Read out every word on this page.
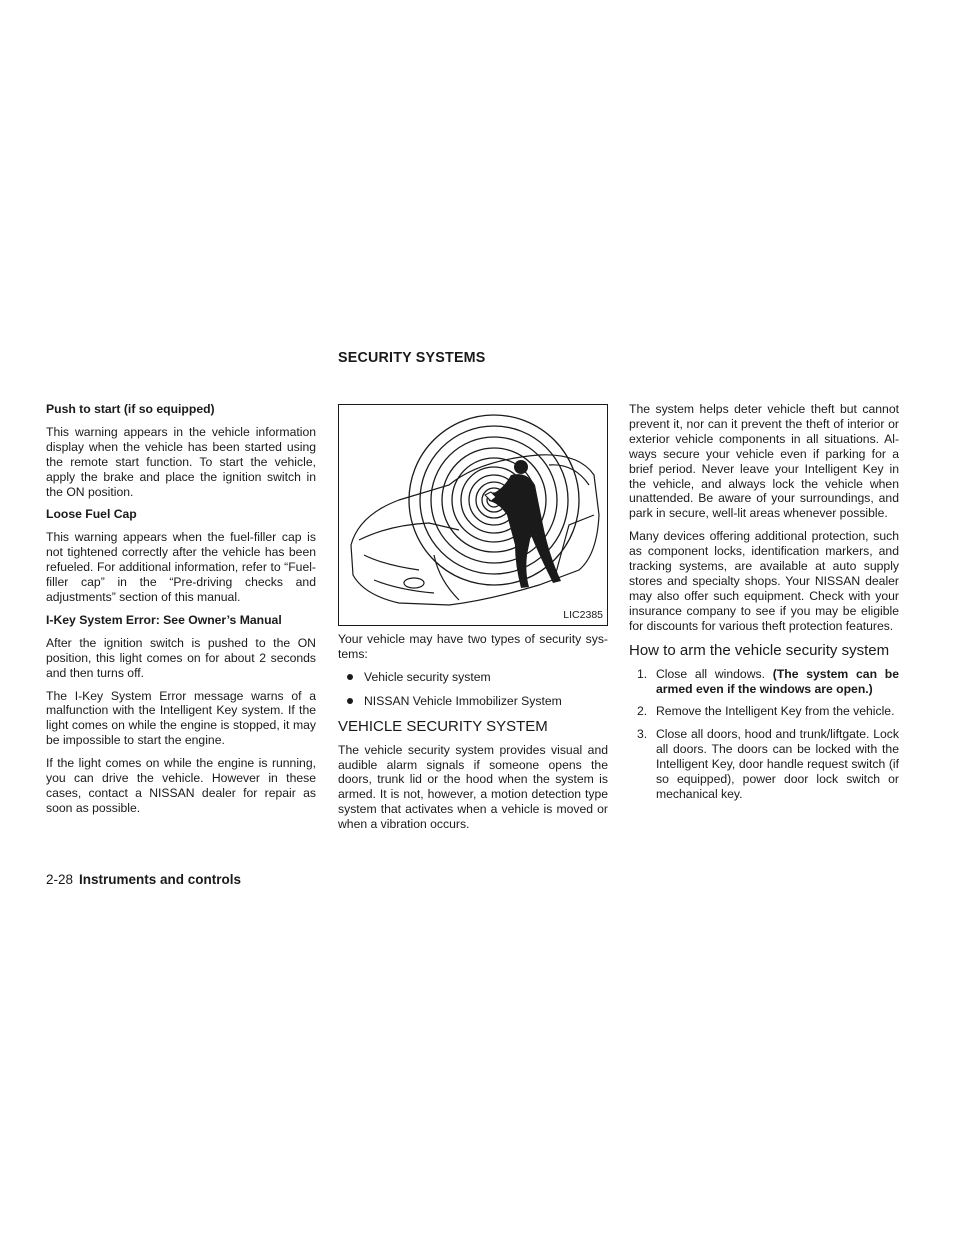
SECURITY SYSTEMS
Push to start (if so equipped)

This warning appears in the vehicle information display when the vehicle has been started using the remote start function. To start the vehicle, apply the brake and place the ignition switch in the ON position.

Loose Fuel Cap

This warning appears when the fuel-filler cap is not tightened correctly after the vehicle has been refueled. For additional information, refer to “Fuel-filler cap” in the “Pre-driving checks and adjustments” section of this manual.

I-Key System Error: See Owner’s Manual

After the ignition switch is pushed to the ON position, this light comes on for about 2 seconds and then turns off.

The I-Key System Error message warns of a malfunction with the Intelligent Key system. If the light comes on while the engine is stopped, it may be impossible to start the engine.

If the light comes on while the engine is running, you can drive the vehicle. However in these cases, contact a NISSAN dealer for repair as soon as possible.

LIC2385

Your vehicle may have two types of security sys-tems:

Vehicle security system
NISSAN Vehicle Immobilizer System
VEHICLE SECURITY SYSTEM

The vehicle security system provides visual and audible alarm signals if someone opens the doors, trunk lid or the hood when the system is armed. It is not, however, a motion detection type system that activates when a vehicle is moved or when a vibration occurs.

The system helps deter vehicle theft but cannot prevent it, nor can it prevent the theft of interior or exterior vehicle components in all situations. Al-ways secure your vehicle even if parking for a brief period. Never leave your Intelligent Key in the vehicle, and always lock the vehicle when unattended. Be aware of your surroundings, and park in secure, well-lit areas whenever possible.

Many devices offering additional protection, such as component locks, identification markers, and tracking systems, are available at auto supply stores and specialty shops. Your NISSAN dealer may also offer such equipment. Check with your insurance company to see if you may be eligible for discounts for various theft protection features.

How to arm the vehicle security system
1. Close all windows. (The system can be armed even if the windows are open.)
2. Remove the Intelligent Key from the vehicle.
3. Close all doors, hood and trunk/liftgate. Lock all doors. The doors can be locked with the Intelligent Key, door handle request switch (if so equipped), power door lock switch or mechanical key.
2-28 Instruments and controls
